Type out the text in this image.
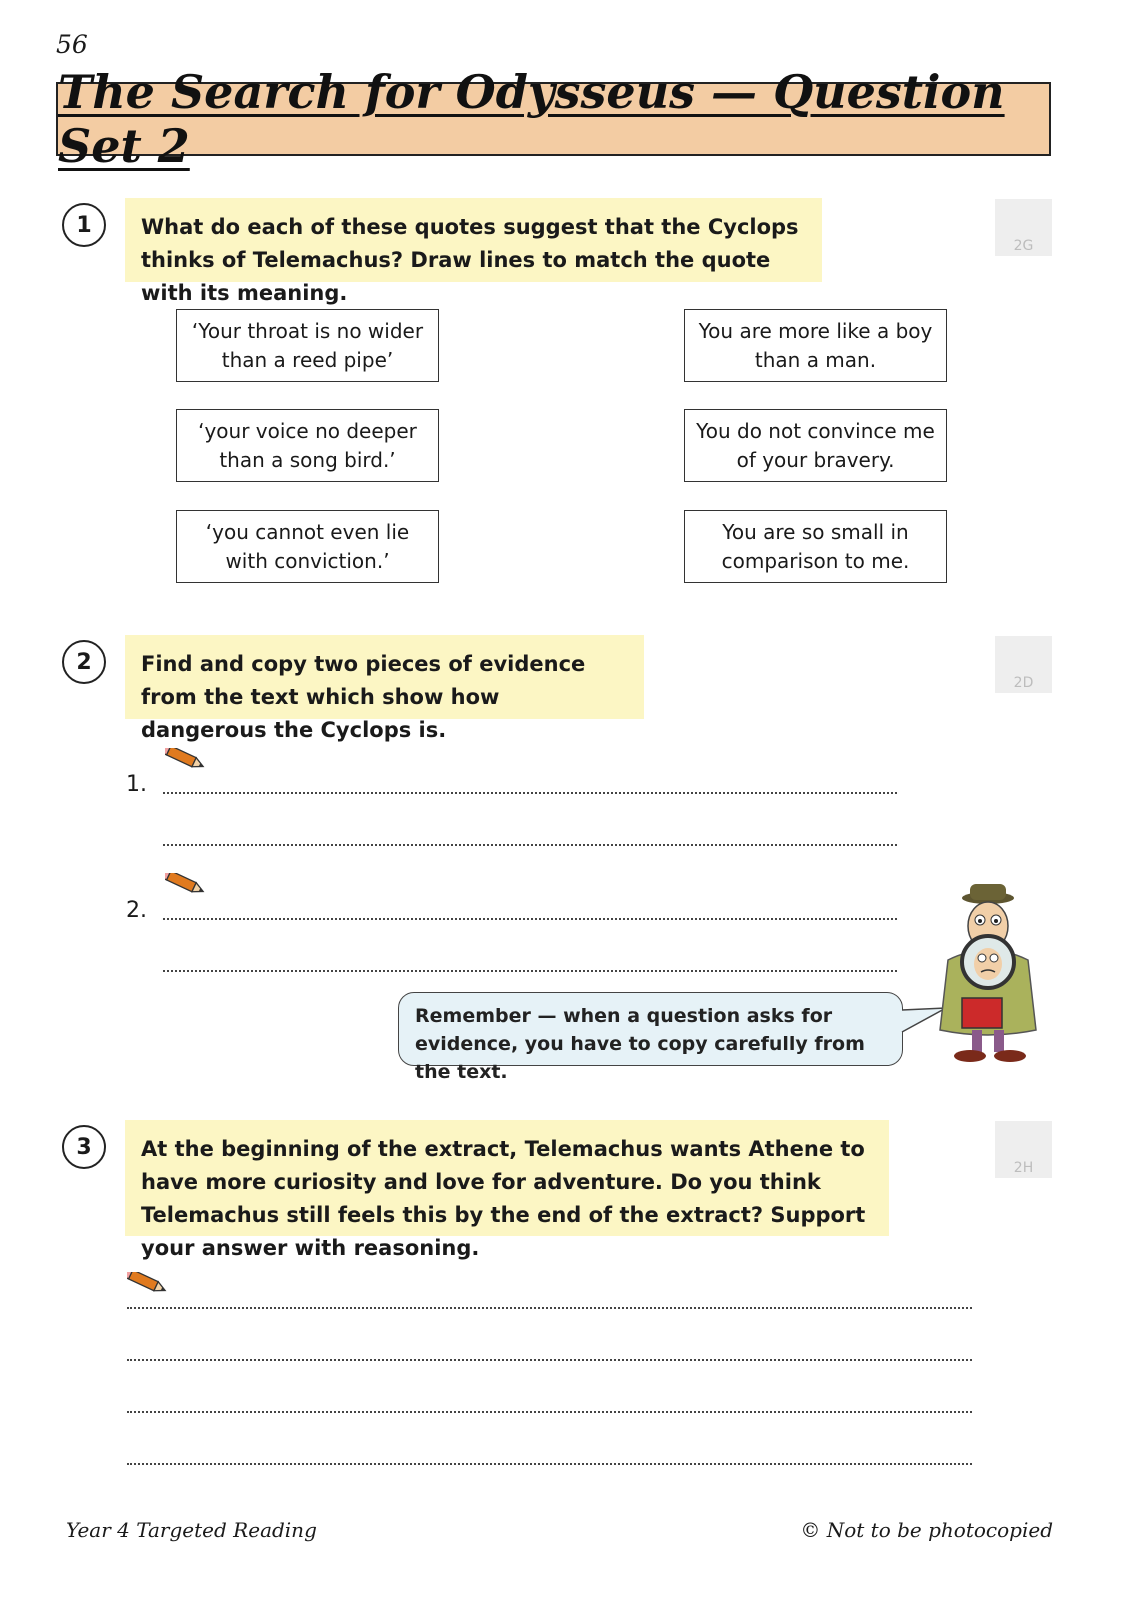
56
The Search for Odysseus — Question Set 2
1	What do each of these quotes suggest that the Cyclops thinks of Telemachus? Draw lines to match the quote with its meaning.
2G
‘Your throat is no wider than a reed pipe’
‘your voice no deeper than a song bird.’
‘you cannot even lie with conviction.’
You are more like a boy than a man.
You do not convince me of your bravery.
You are so small in comparison to me.
2	Find and copy two pieces of evidence from the text which show how dangerous the Cyclops is.
2D
1.
2.
Remember — when a question asks for evidence, you have to copy carefully from the text.
3	At the beginning of the extract, Telemachus wants Athene to have more curiosity and love for adventure. Do you think Telemachus still feels this by the end of the extract? Support your answer with reasoning.
2H
Year 4 Targeted Reading	© Not to be photocopied
